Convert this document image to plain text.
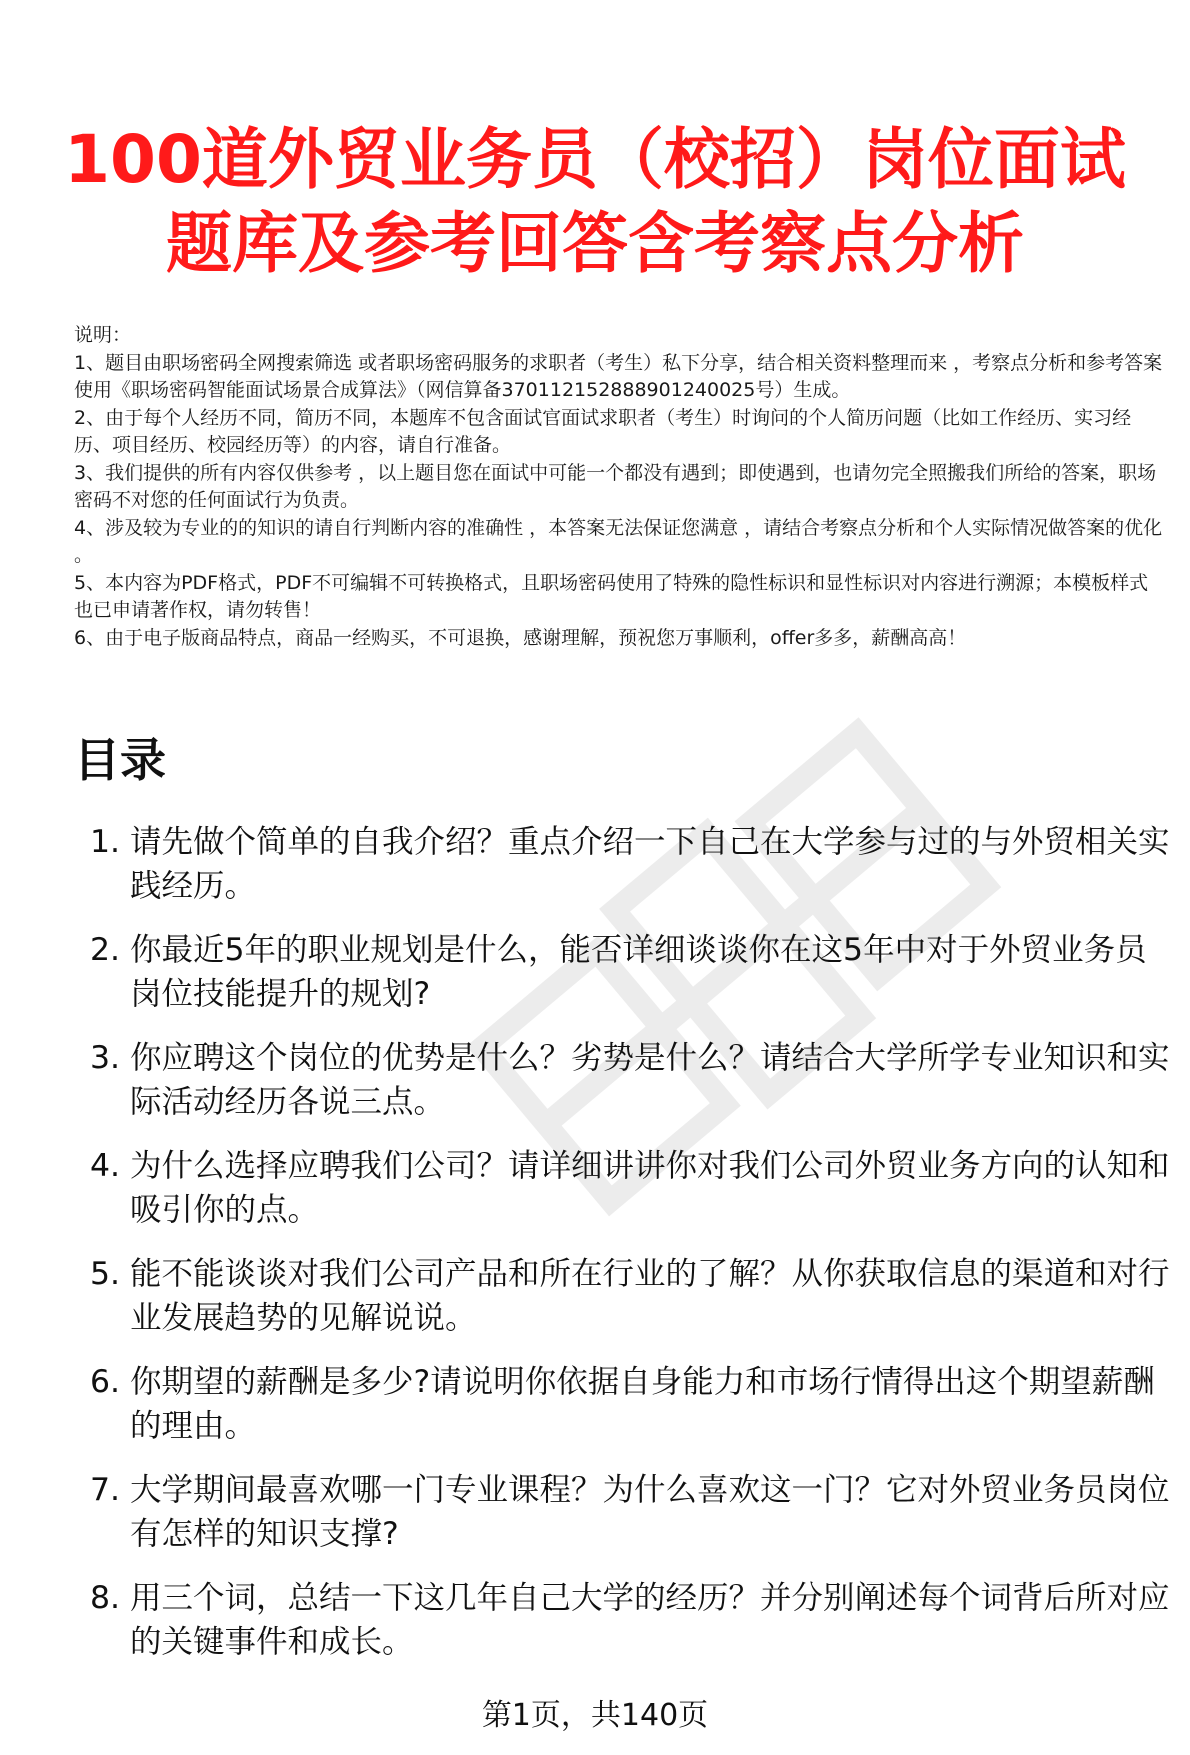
100道外贸业务员（校招）岗位面试
题库及参考回答含考察点分析

说明：

1、题目由职场密码全网搜索筛选 或者职场密码服务的求职者（考生）私下分享，结合相关资料整理而来 ，考察点分析和参考答案使用《职场密码智能面试场景合成算法》（网信算备370112152888901240025号）生成。

2、由于每个人经历不同，简历不同，本题库不包含面试官面试求职者（考生）时询问的个人简历问题（比如工作经历、实习经历、项目经历、校园经历等）的内容，请自行准备。

3、我们提供的所有内容仅供参考 ，以上题目您在面试中可能一个都没有遇到；即使遇到，也请勿完全照搬我们所给的答案，职场密码不对您的任何面试行为负责。

4、涉及较为专业的的知识的请自行判断内容的准确性 ，本答案无法保证您满意 ，请结合考察点分析和个人实际情况做答案的优化 。

5、本内容为PDF格式，PDF不可编辑不可转换格式，且职场密码使用了特殊的隐性标识和显性标识对内容进行溯源；本模板样式也已申请著作权，请勿转售！

6、由于电子版商品特点，商品一经购买，不可退换，感谢理解，预祝您万事顺利，offer多多，薪酬高高！

目录
1. 请先做个简单的自我介绍？重点介绍一下自己在大学参与过的与外贸相关实践经历。
2. 你最近5年的职业规划是什么，能否详细谈谈你在这5年中对于外贸业务员岗位技能提升的规划?
3. 你应聘这个岗位的优势是什么？劣势是什么？请结合大学所学专业知识和实际活动经历各说三点。
4. 为什么选择应聘我们公司？请详细讲讲你对我们公司外贸业务方向的认知和吸引你的点。
5. 能不能谈谈对我们公司产品和所在行业的了解？从你获取信息的渠道和对行业发展趋势的见解说说。
6. 你期望的薪酬是多少?请说明你依据自身能力和市场行情得出这个期望薪酬的理由。
7. 大学期间最喜欢哪一门专业课程？为什么喜欢这一门？它对外贸业务员岗位有怎样的知识支撑?
8. 用三个词，总结一下这几年自己大学的经历？并分别阐述每个词背后所对应的关键事件和成长。
第1页，共140页
